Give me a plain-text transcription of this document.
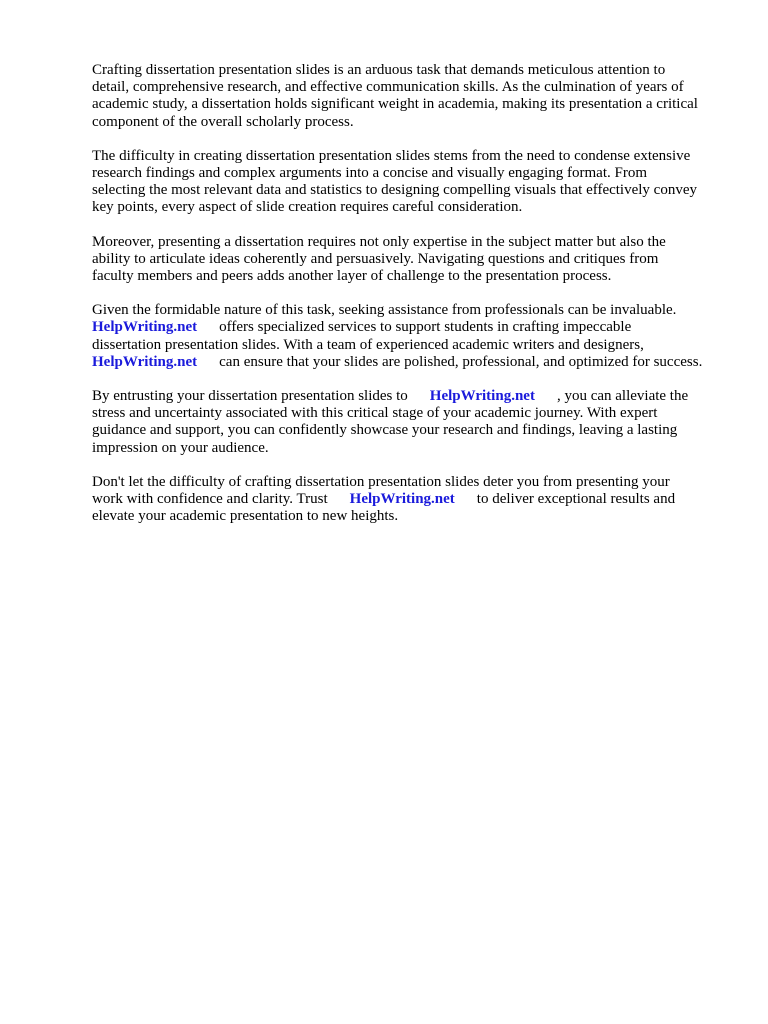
Crafting dissertation presentation slides is an arduous task that demands meticulous attention to
detail, comprehensive research, and effective communication skills. As the culmination of years of
academic study, a dissertation holds significant weight in academia, making its presentation a critical
component of the overall scholarly process.

The difficulty in creating dissertation presentation slides stems from the need to condense extensive
research findings and complex arguments into a concise and visually engaging format. From
selecting the most relevant data and statistics to designing compelling visuals that effectively convey
key points, every aspect of slide creation requires careful consideration.

Moreover, presenting a dissertation requires not only expertise in the subject matter but also the
ability to articulate ideas coherently and persuasively. Navigating questions and critiques from
faculty members and peers adds another layer of challenge to the presentation process.

Given the formidable nature of this task, seeking assistance from professionals can be invaluable.
HelpWriting.net offers specialized services to support students in crafting impeccable
dissertation presentation slides. With a team of experienced academic writers and designers,
HelpWriting.net can ensure that your slides are polished, professional, and optimized for success.

By entrusting your dissertation presentation slides to HelpWriting.net , you can alleviate the
stress and uncertainty associated with this critical stage of your academic journey. With expert
guidance and support, you can confidently showcase your research and findings, leaving a lasting
impression on your audience.

Don't let the difficulty of crafting dissertation presentation slides deter you from presenting your
work with confidence and clarity. Trust HelpWriting.net to deliver exceptional results and
elevate your academic presentation to new heights.
